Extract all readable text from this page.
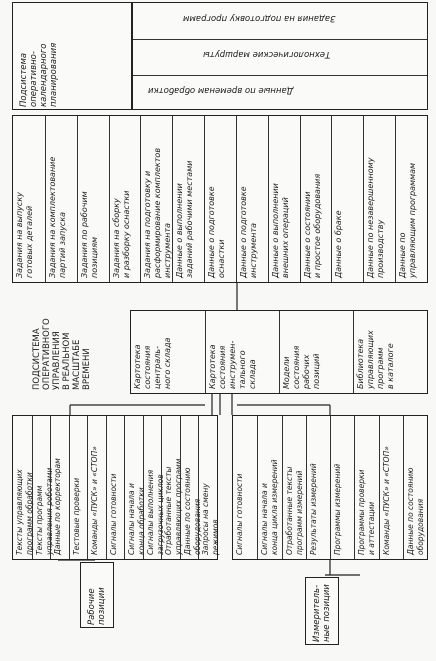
Подсистема
оперативно-
календарного
планирования
Задания на подготовку программ
Технологические маршруты
Данные по временам обработки
Задания на выпуску
готовых деталей
Задания на комплектование
партий запуска
Задания по рабочим
позициям Задания на сборку
и разборку оснастки
Задания на подготовку и
расформирование комплектов
инструмента Данные о выполнении
заданий рабочими местами
Данные о подготовке
оснастки Данные о подготовке
инструмента Данные о выполнении
внешних операций
Данные о состоянии
и простое оборудования
Данные о браке	Данные по незавершенному
производству Данные по
управляющим программам
ПОДСИСТЕМА
ОПЕРАТИВНОГО
УПРАВЛЕНИЯ
В РЕАЛЬНОМ
МАСШТАБЕ
ВРЕМЕНИ	Картотека
состояния
централь-
ного склада	Картотека
состояния
инструмен-
тального
склада	Модели
состояния
рабочих
позиций	Библиотека
управляющих
программ
в каталоге
Тексты управляющих
программ обработки
Тексты программ
управления роботами Данные по корректорам Тестовые проверки Команды «ПУСК» и «СТОП» Сигналы готовности Сигналы начала и
конца обработки
Сигналы выполнения
загрузочных циклов
Отработанные тексты
управляющих программ
Данные по состоянию
оборудования Запросы на смену
режимов Сигналы готовности Сигналы начала и
конца цикла измерений
Отработанные тексты
программ измерений Результаты измерений Программы измерений Программы проверки
и аттестации Команды «ПУСК» и «СТОП» Данные по состоянию
оборудования
Рабочие
позиции	Измеритель-
ные позиции
